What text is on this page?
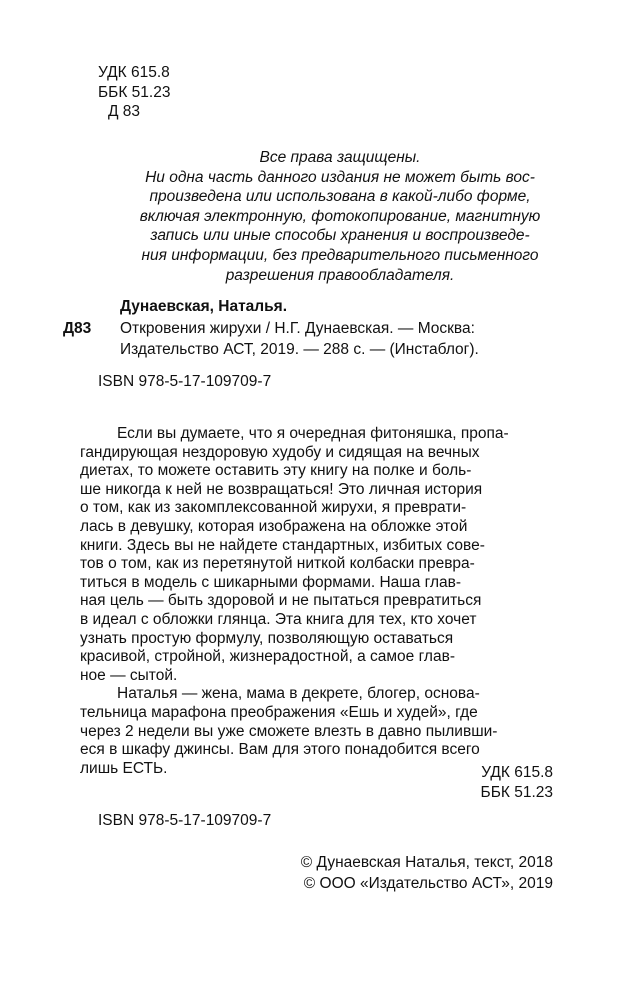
УДК 615.8
ББК 51.23
Д 83
Все права защищены.
Ни одна часть данного издания не может быть вос-
произведена или использована в какой-либо форме,
включая электронную, фотокопирование, магнитную
запись или иные способы хранения и воспроизведе-
ния информации, без предварительного письменного
разрешения правообладателя.
Дунаевская, Наталья.
Д83 Откровения жирухи / Н.Г. Дунаевская. — Москва:
Издательство АСТ, 2019. — 288 с. — (Инстаблог).
ISBN 978-5-17-109709-7
Если вы думаете, что я очередная фитоняшка, пропа-
гандирующая нездоровую худобу и сидящая на вечных
диетах, то можете оставить эту книгу на полке и боль-
ше никогда к ней не возвращаться! Это личная история
о том, как из закомплексованной жирухи, я преврати-
лась в девушку, которая изображена на обложке этой
книги. Здесь вы не найдете стандартных, избитых сове-
тов о том, как из перетянутой ниткой колбаски превра-
титься в модель с шикарными формами. Наша глав-
ная цель — быть здоровой и не пытаться превратиться
в идеал с обложки глянца. Эта книга для тех, кто хочет
узнать простую формулу, позволяющую оставаться
красивой, стройной, жизнерадостной, а самое глав-
ное — сытой.
Наталья — жена, мама в декрете, блогер, основа-
тельница марафона преображения «Ешь и худей», где
через 2 недели вы уже сможете влезть в давно пыливши-
еся в шкафу джинсы. Вам для этого понадобится всего
лишь ЕСТЬ.	УДК 615.8
ББК 51.23
ISBN 978-5-17-109709-7
© Дунаевская Наталья, текст, 2018
© ООО «Издательство АСТ», 2019
